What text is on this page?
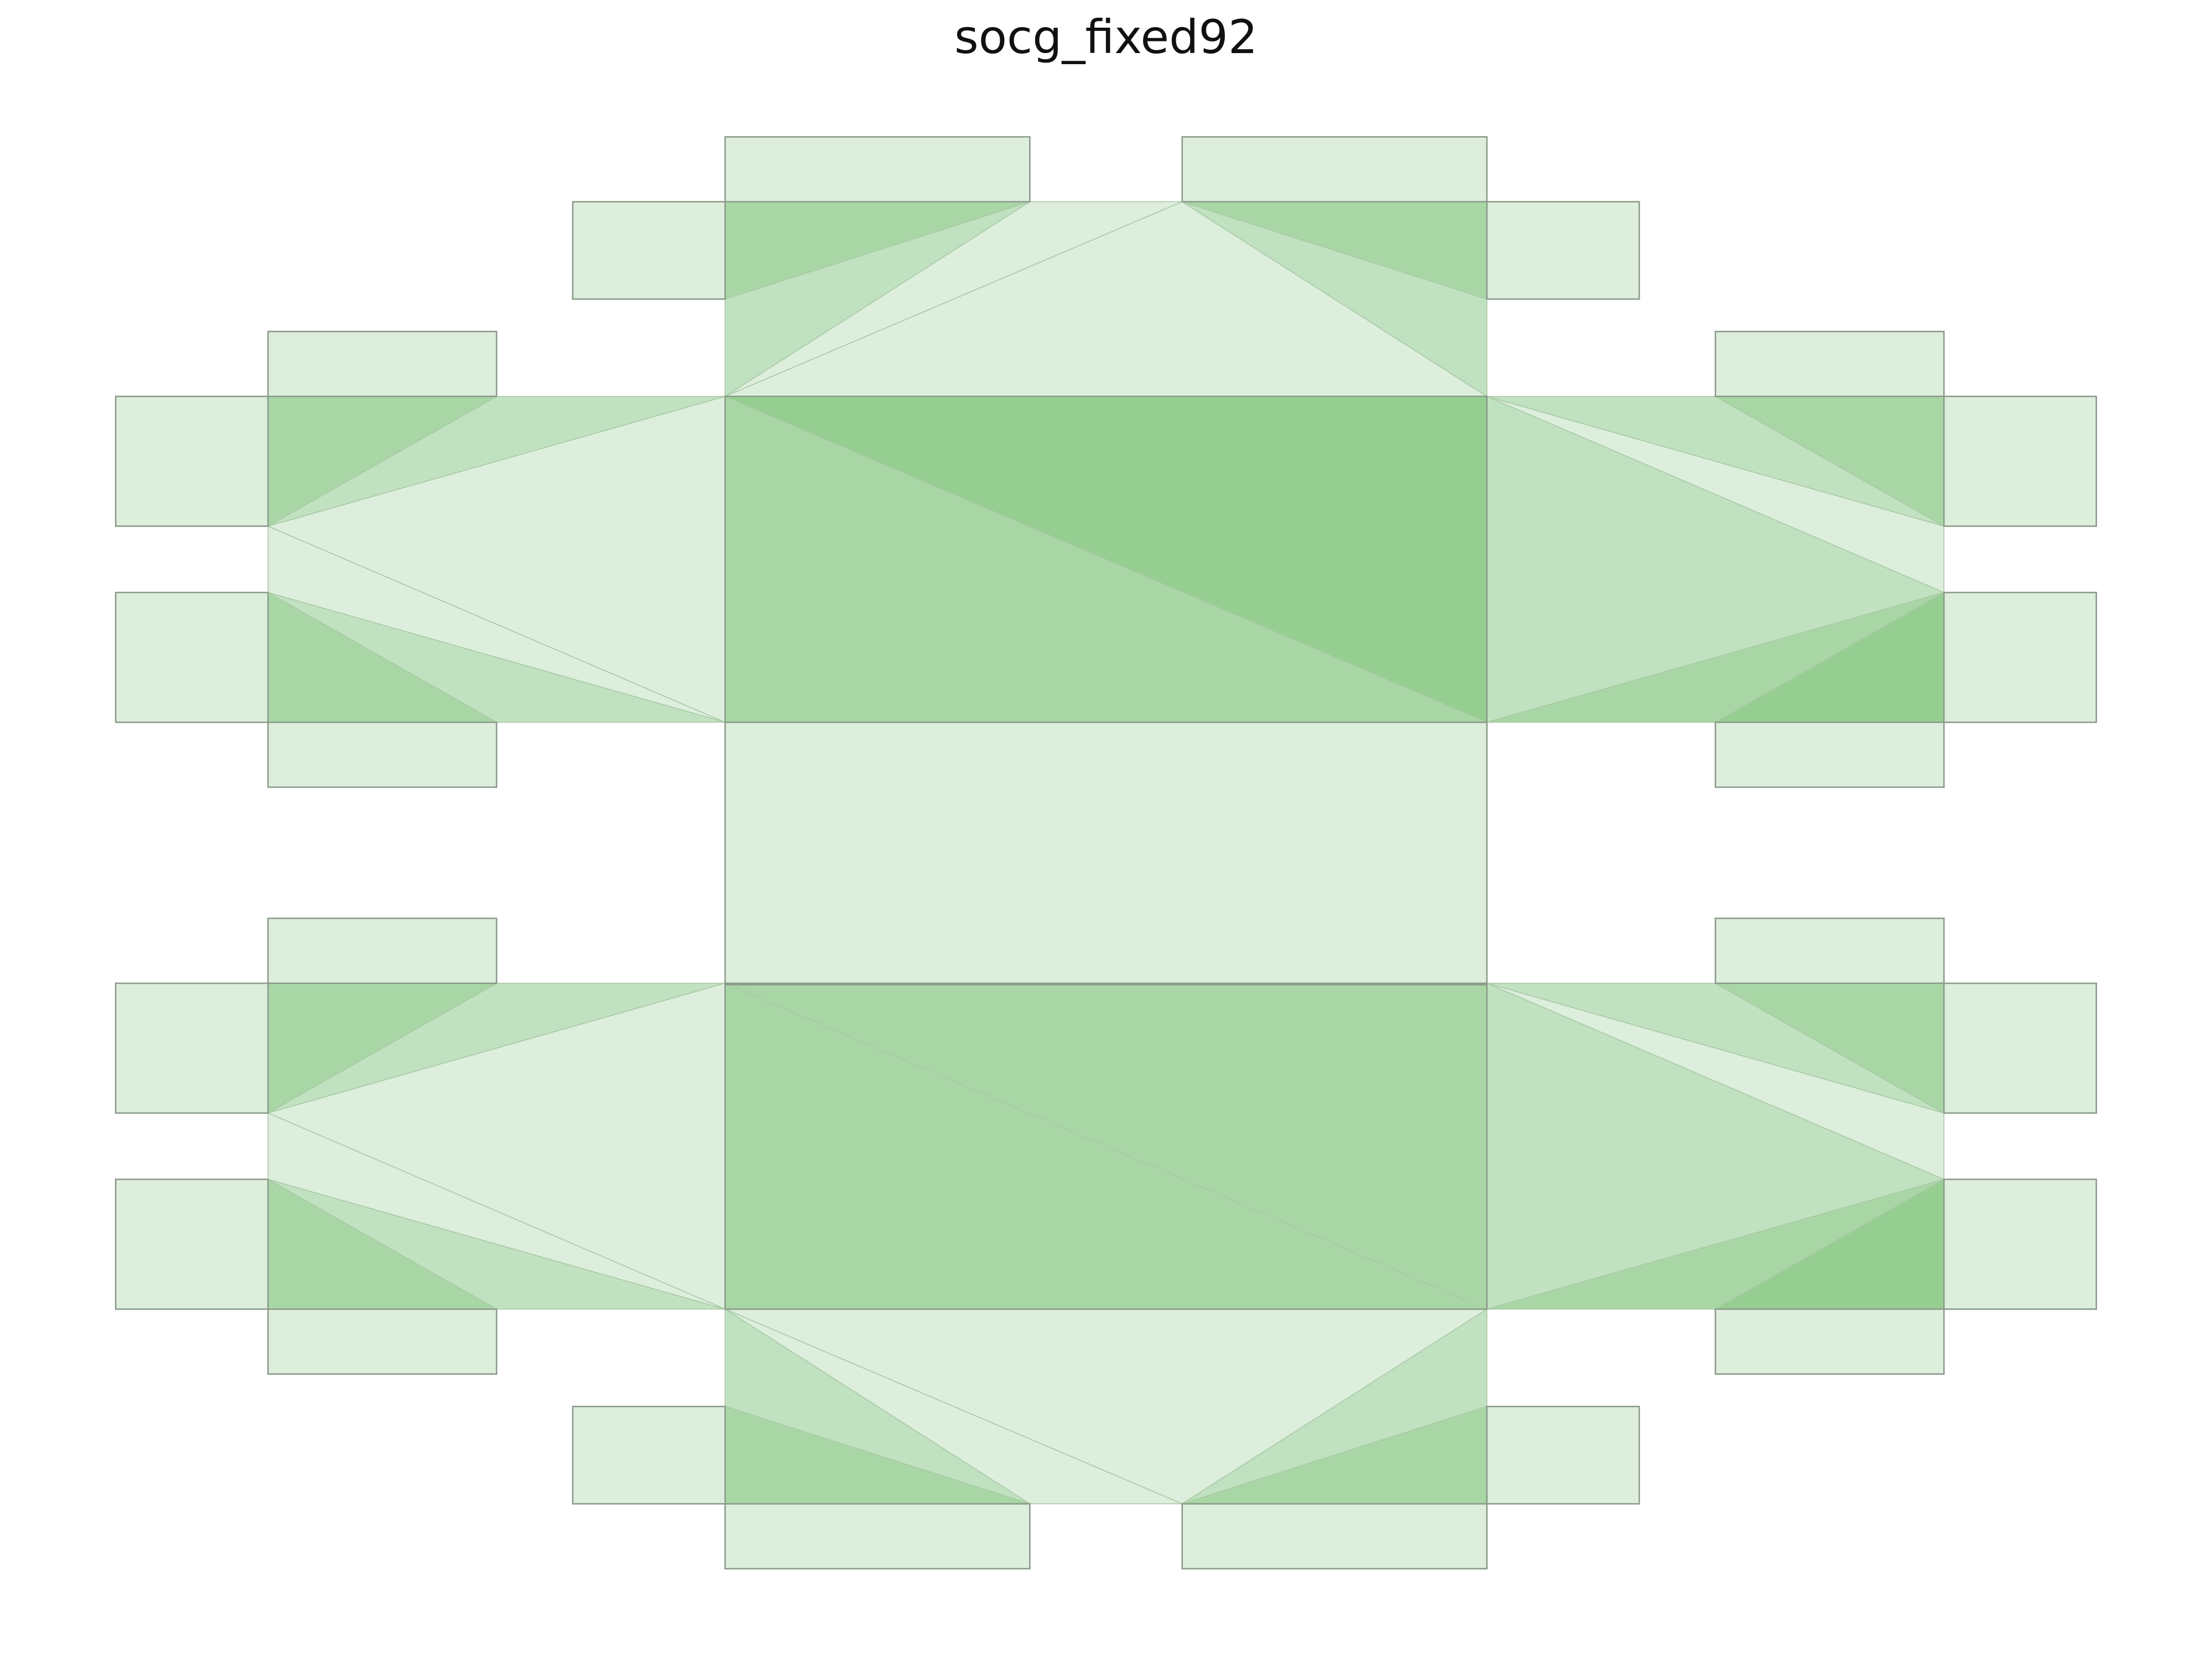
socg_fixed92
